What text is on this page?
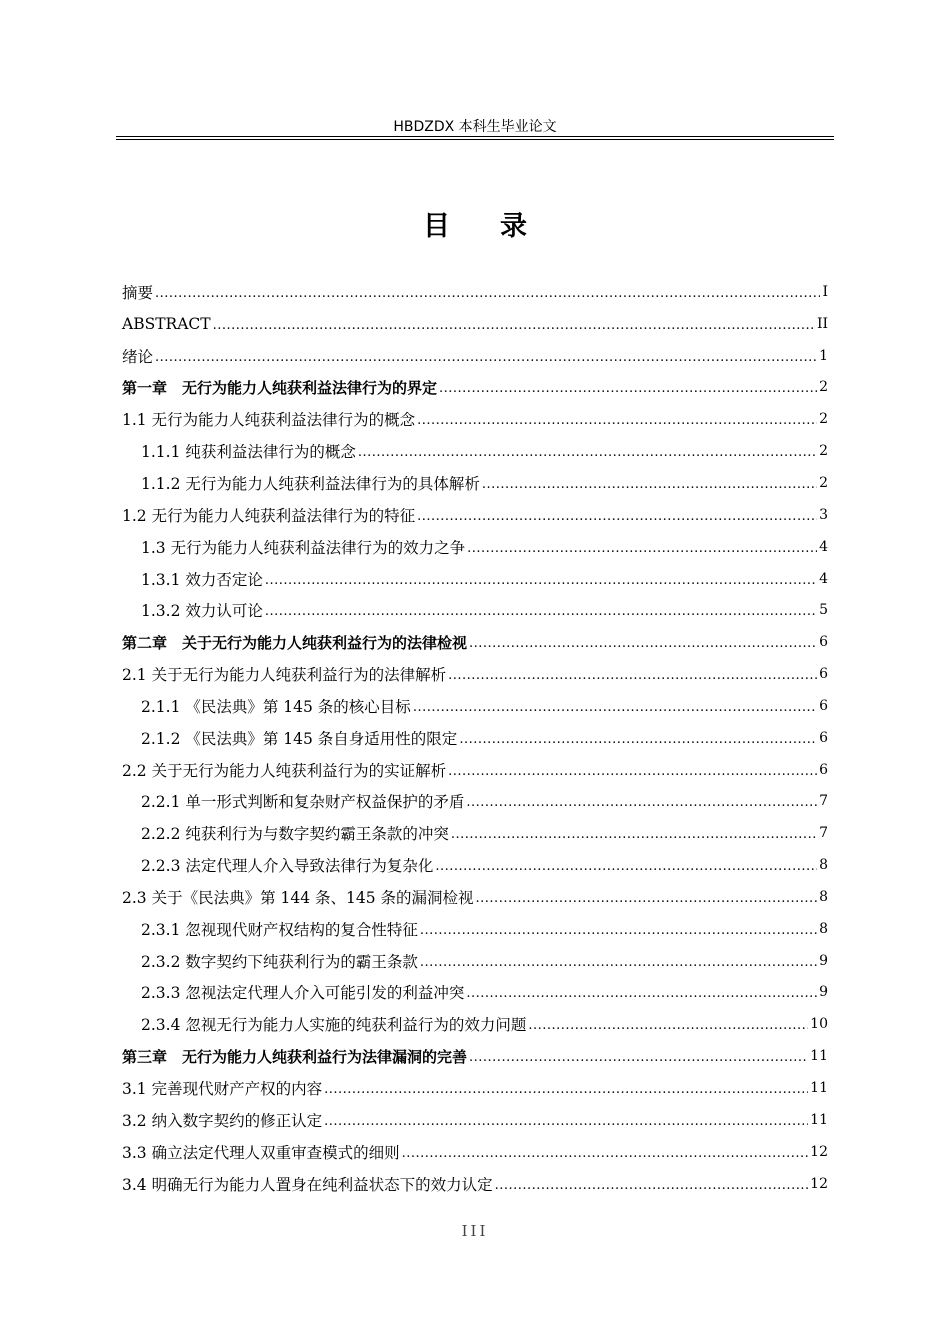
HBDZDX 本科生毕业论文
目录
摘要 .....	I
ABSTRACT .....	II
绪论 .....	1
第一章　无行为能力人纯获利益法律行为的界定 .....	2
1.1 无行为能力人纯获利益法律行为的概念 .....	2
1.1.1 纯获利益法律行为的概念 .....	2
1.1.2 无行为能力人纯获利益法律行为的具体解析 .....	2
1.2 无行为能力人纯获利益法律行为的特征 .....	3
1.3 无行为能力人纯获利益法律行为的效力之争 .....	4
1.3.1 效力否定论 .....	4
1.3.2 效力认可论 .....	5
第二章　关于无行为能力人纯获利益行为的法律检视 .....	6
2.1 关于无行为能力人纯获利益行为的法律解析 .....	6
2.1.1 《民法典》第 145 条的核心目标 .....	6
2.1.2 《民法典》第 145 条自身适用性的限定 .....	6
2.2 关于无行为能力人纯获利益行为的实证解析 .....	6
2.2.1 单一形式判断和复杂财产权益保护的矛盾 .....	7
2.2.2 纯获利行为与数字契约霸王条款的冲突 .....	7
2.2.3 法定代理人介入导致法律行为复杂化 .....	8
2.3 关于《民法典》第 144 条、145 条的漏洞检视 .....	8
2.3.1 忽视现代财产权结构的复合性特征 .....	8
2.3.2 数字契约下纯获利行为的霸王条款 .....	9
2.3.3 忽视法定代理人介入可能引发的利益冲突 .....	9
2.3.4 忽视无行为能力人实施的纯获利益行为的效力问题 .....	10
第三章　无行为能力人纯获利益行为法律漏洞的完善 .....	11
3.1 完善现代财产产权的内容 .....	11
3.2 纳入数字契约的修正认定 .....	11
3.3 确立法定代理人双重审查模式的细则 .....	12
3.4 明确无行为能力人置身在纯利益状态下的效力认定 .....	12
III
